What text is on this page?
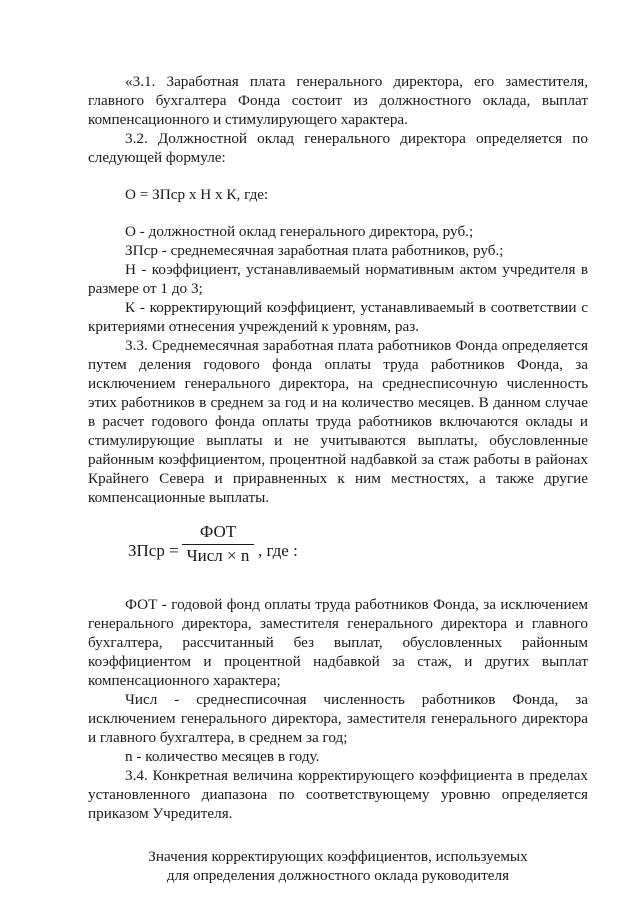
«3.1. Заработная плата генерального директора, его заместителя, главного бухгалтера Фонда состоит из должностного оклада, выплат компенсационного и стимулирующего характера.

3.2. Должностной оклад генерального директора определяется по следующей формуле:

О = ЗПср х Н х К, где:

О - должностной оклад генерального директора, руб.;

ЗПср - среднемесячная заработная плата работников, руб.;

Н - коэффициент, устанавливаемый нормативным актом учредителя в размере от 1 до 3;

К - корректирующий коэффициент, устанавливаемый в соответствии с критериями отнесения учреждений к уровням, раз.

3.3. Среднемесячная заработная плата работников Фонда определяется путем деления годового фонда оплаты труда работников Фонда, за исключением генерального директора, на среднесписочную численность этих работников в среднем за год и на количество месяцев. В данном случае в расчет годового фонда оплаты труда работников включаются оклады и стимулирующие выплаты и не учитываются выплаты, обусловленные районным коэффициентом, процентной надбавкой за стаж работы в районах Крайнего Севера и приравненных к ним местностях, а также другие компенсационные выплаты.

ЗПср =
ФОТ
Числ × n , где :

ФОТ - годовой фонд оплаты труда работников Фонда, за исключением генерального директора, заместителя генерального директора и главного бухгалтера, рассчитанный без выплат, обусловленных районным коэффициентом и процентной надбавкой за стаж, и других выплат компенсационного характера;

Числ - среднесписочная численность работников Фонда, за исключением генерального директора, заместителя генерального директора и главного бухгалтера, в среднем за год;

n - количество месяцев в году.

3.4. Конкретная величина корректирующего коэффициента в пределах установленного диапазона по соответствующему уровню определяется приказом Учредителя.

Значения корректирующих коэффициентов, используемых

для определения должностного оклада руководителя
